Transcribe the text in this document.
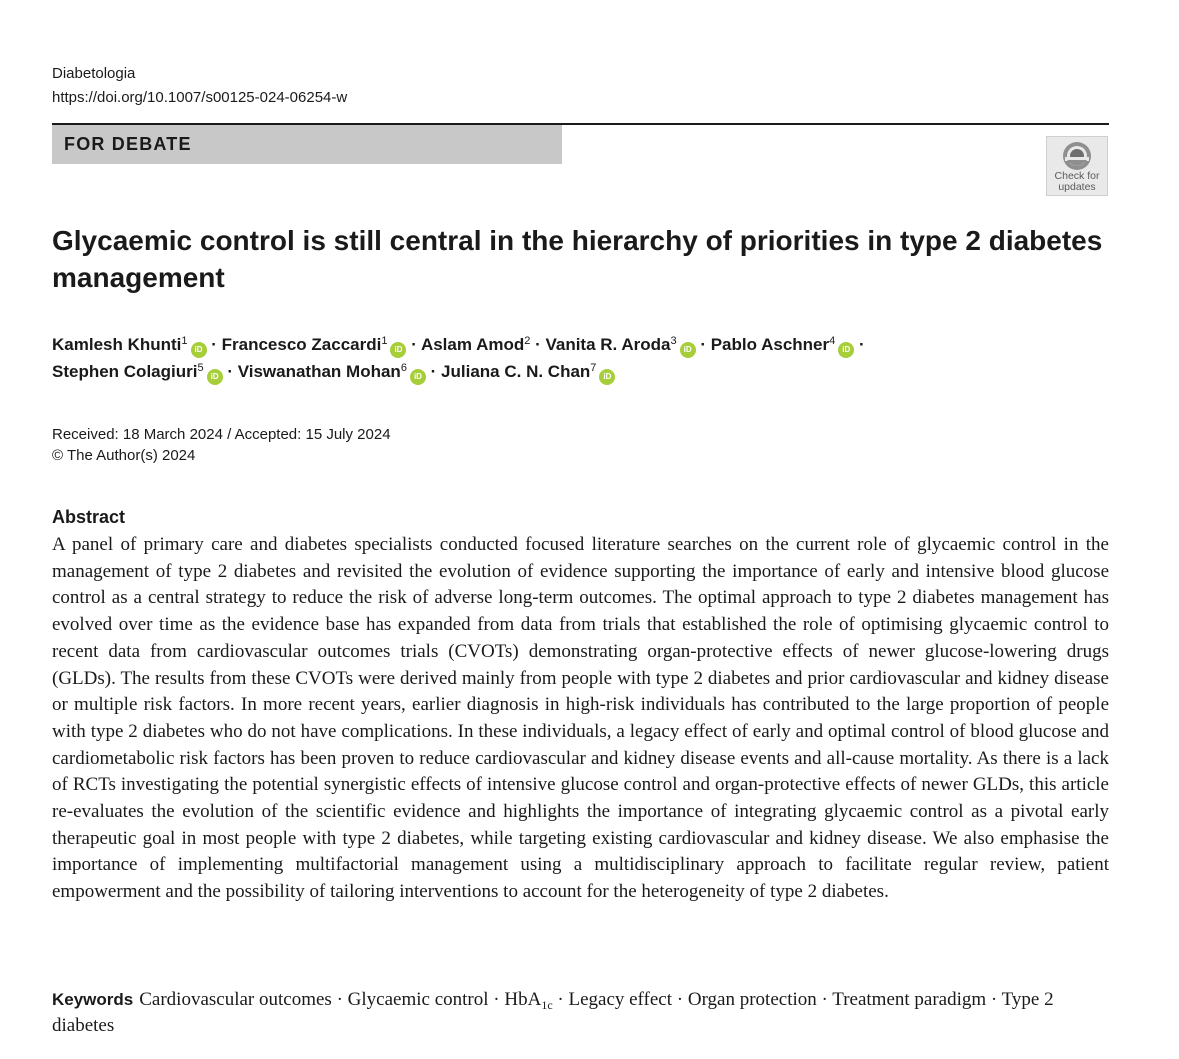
Diabetologia
https://doi.org/10.1007/s00125-024-06254-w
FOR DEBATE
Check for
updates
Glycaemic control is still central in the hierarchy of priorities in type 2 diabetes management
Kamlesh Khunti$^1$iD · Francesco Zaccardi$^1$iD · Aslam Amod$^2$ · Vanita R. Aroda$^3$iD · Pablo Aschner$^4$iD ·
Stephen Colagiuri$^5$iD · Viswanathan Mohan$^6$iD · Juliana C. N. Chan$^7$iD
Received: 18 March 2024 / Accepted: 15 July 2024
© The Author(s) 2024
Abstract

A panel of primary care and diabetes specialists conducted focused literature searches on the current role of glycaemic control in the management of type 2 diabetes and revisited the evolution of evidence supporting the importance of early and intensive blood glucose control as a central strategy to reduce the risk of adverse long-term outcomes. The optimal approach to type 2 diabetes management has evolved over time as the evidence base has expanded from data from trials that established the role of optimising glycaemic control to recent data from cardiovascular outcomes trials (CVOTs) demonstrating organ-protective effects of newer glucose-lowering drugs (GLDs). The results from these CVOTs were derived mainly from people with type 2 diabetes and prior cardiovascular and kidney disease or multiple risk factors. In more recent years, earlier diagnosis in high-risk individuals has contributed to the large proportion of people with type 2 diabetes who do not have complications. In these individuals, a legacy effect of early and optimal control of blood glucose and cardiometabolic risk factors has been proven to reduce cardiovascular and kidney disease events and all-cause mortality. As there is a lack of RCTs investigating the potential synergistic effects of intensive glucose control and organ-protective effects of newer GLDs, this article re-evaluates the evolution of the scientific evidence and highlights the importance of integrating glycaemic control as a pivotal early therapeutic goal in most people with type 2 diabetes, while targeting existing cardiovascular and kidney disease. We also emphasise the importance of implementing multifactorial management using a multidisciplinary approach to facilitate regular review, patient empowerment and the possibility of tailoring interventions to account for the heterogeneity of type 2 diabetes.

Keywords Cardiovascular outcomes · Glycaemic control · HbA$_{1c}$ · Legacy effect · Organ protection · Treatment paradigm · Type 2 diabetes
